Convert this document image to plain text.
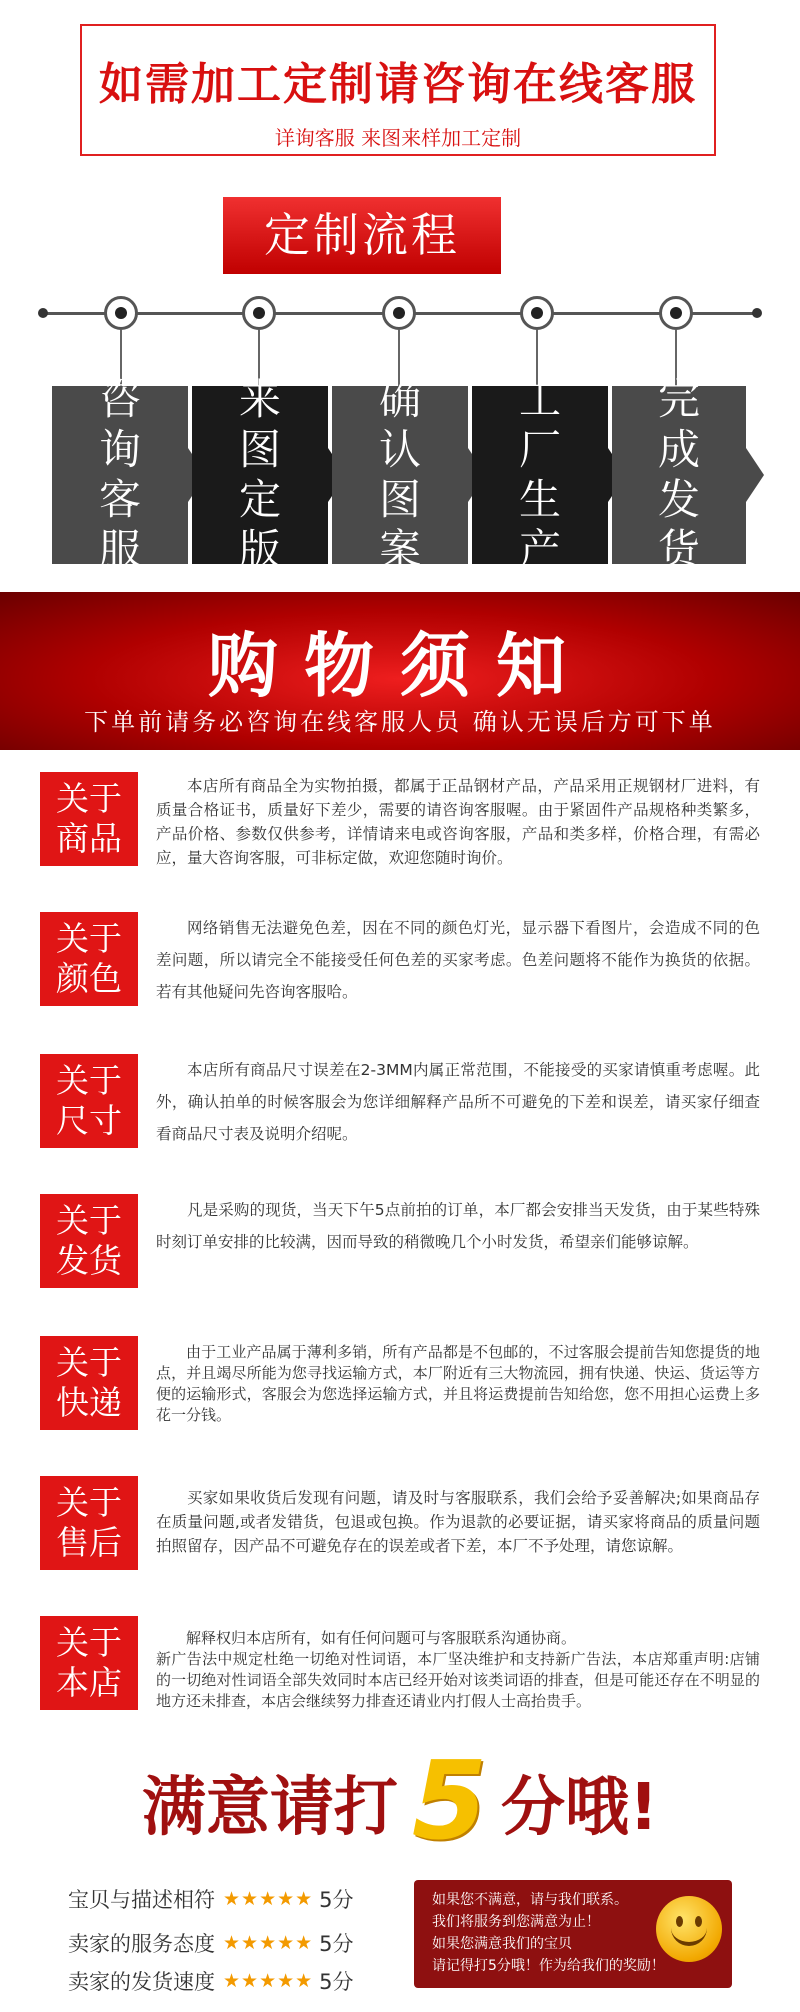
如需加工定制请咨询在线客服
详询客服 来图来样加工定制
定制流程
咨询
客服
来图
定版
确认
图案
工厂
生产
完成
发货
购物须知
下单前请务必咨询在线客服人员 确认无误后方可下单
关于
商品
本店所有商品全为实物拍摄，都属于正品钢材产品，产品采用正规钢材厂进料，有质量合格证书，质量好下差少，需要的请咨询客服喔。由于紧固件产品规格种类繁多，产品价格、参数仅供参考，详情请来电或咨询客服，产品和类多样，价格合理，有需必应，量大咨询客服，可非标定做，欢迎您随时询价。
关于
颜色
网络销售无法避免色差，因在不同的颜色灯光，显示器下看图片，会造成不同的色差问题，所以请完全不能接受任何色差的买家考虑。色差问题将不能作为换货的依据。若有其他疑问先咨询客服哈。
关于
尺寸
本店所有商品尺寸误差在2-3MM内属正常范围，不能接受的买家请慎重考虑喔。此外，确认拍单的时候客服会为您详细解释产品所不可避免的下差和误差，请买家仔细查看商品尺寸表及说明介绍呢。
关于
发货
凡是采购的现货，当天下午5点前拍的订单，本厂都会安排当天发货，由于某些特殊时刻订单安排的比较满，因而导致的稍微晚几个小时发货，希望亲们能够谅解。
关于
快递
由于工业产品属于薄利多销，所有产品都是不包邮的，不过客服会提前告知您提货的地点，并且竭尽所能为您寻找运输方式，本厂附近有三大物流园，拥有快递、快运、货运等方便的运输形式，客服会为您选择运输方式，并且将运费提前告知给您，您不用担心运费上多花一分钱。
关于
售后
买家如果收货后发现有问题，请及时与客服联系，我们会给予妥善解决;如果商品存在质量问题,或者发错货，包退或包换。作为退款的必要证据，请买家将商品的质量问题拍照留存，因产品不可避免存在的误差或者下差，本厂不予处理，请您谅解。
关于
本店
解释权归本店所有，如有任何问题可与客服联系沟通协商。
新广告法中规定杜绝一切绝对性词语，本厂坚决维护和支持新广告法，本店郑重声明:店铺的一切绝对性词语全部失效同时本店已经开始对该类词语的排查，但是可能还存在不明显的地方还未排查，本店会继续努力排查还请业内打假人士高抬贵手。
满意请打 5 分哦!
宝贝与描述相符 ★★★★★ 5分
卖家的服务态度 ★★★★★ 5分
卖家的发货速度 ★★★★★ 5分
如果您不满意，请与我们联系。
我们将服务到您满意为止！
如果您满意我们的宝贝
请记得打5分哦！作为给我们的奖励！
